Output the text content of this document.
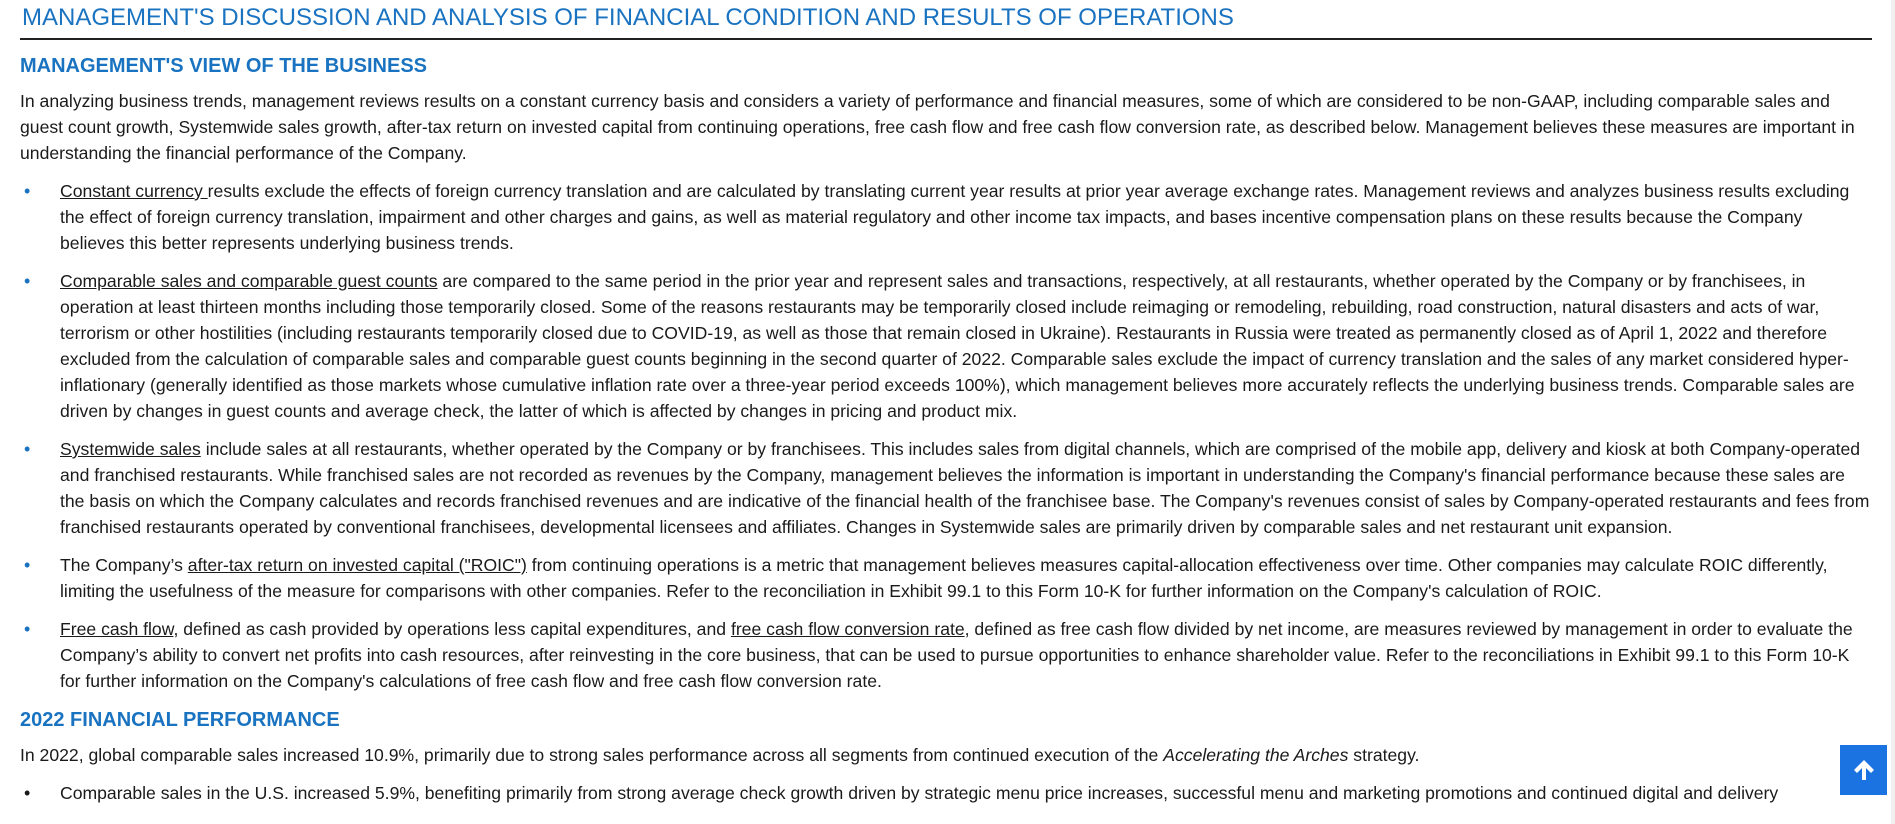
MANAGEMENT'S DISCUSSION AND ANALYSIS OF FINANCIAL CONDITION AND RESULTS OF OPERATIONS
MANAGEMENT'S VIEW OF THE BUSINESS

In analyzing business trends, management reviews results on a constant currency basis and considers a variety of performance and financial measures, some of which are considered to be non-GAAP, including comparable sales and guest count growth, Systemwide sales growth, after-tax return on invested capital from continuing operations, free cash flow and free cash flow conversion rate, as described below. Management believes these measures are important in understanding the financial performance of the Company.

• Constant currency results exclude the effects of foreign currency translation and are calculated by translating current year results at prior year average exchange rates. Management reviews and analyzes business results excluding the effect of foreign currency translation, impairment and other charges and gains, as well as material regulatory and other income tax impacts, and bases incentive compensation plans on these results because the Company believes this better represents underlying business trends.
• Comparable sales and comparable guest counts are compared to the same period in the prior year and represent sales and transactions, respectively, at all restaurants, whether operated by the Company or by franchisees, in operation at least thirteen months including those temporarily closed. Some of the reasons restaurants may be temporarily closed include reimaging or remodeling, rebuilding, road construction, natural disasters and acts of war, terrorism or other hostilities (including restaurants temporarily closed due to COVID-19, as well as those that remain closed in Ukraine). Restaurants in Russia were treated as permanently closed as of April 1, 2022 and therefore excluded from the calculation of comparable sales and comparable guest counts beginning in the second quarter of 2022. Comparable sales exclude the impact of currency translation and the sales of any market considered hyper-inflationary (generally identified as those markets whose cumulative inflation rate over a three-year period exceeds 100%), which management believes more accurately reflects the underlying business trends. Comparable sales are driven by changes in guest counts and average check, the latter of which is affected by changes in pricing and product mix.
• Systemwide sales include sales at all restaurants, whether operated by the Company or by franchisees. This includes sales from digital channels, which are comprised of the mobile app, delivery and kiosk at both Company-operated and franchised restaurants. While franchised sales are not recorded as revenues by the Company, management believes the information is important in understanding the Company's financial performance because these sales are the basis on which the Company calculates and records franchised revenues and are indicative of the financial health of the franchisee base. The Company's revenues consist of sales by Company-operated restaurants and fees from franchised restaurants operated by conventional franchisees, developmental licensees and affiliates. Changes in Systemwide sales are primarily driven by comparable sales and net restaurant unit expansion.
• The Company’s after-tax return on invested capital ("ROIC") from continuing operations is a metric that management believes measures capital-allocation effectiveness over time. Other companies may calculate ROIC differently, limiting the usefulness of the measure for comparisons with other companies. Refer to the reconciliation in Exhibit 99.1 to this Form 10-K for further information on the Company's calculation of ROIC.
• Free cash flow, defined as cash provided by operations less capital expenditures, and free cash flow conversion rate, defined as free cash flow divided by net income, are measures reviewed by management in order to evaluate the Company’s ability to convert net profits into cash resources, after reinvesting in the core business, that can be used to pursue opportunities to enhance shareholder value. Refer to the reconciliations in Exhibit 99.1 to this Form 10-K for further information on the Company's calculations of free cash flow and free cash flow conversion rate.
2022 FINANCIAL PERFORMANCE

In 2022, global comparable sales increased 10.9%, primarily due to strong sales performance across all segments from continued execution of the Accelerating the Arches strategy.

• Comparable sales in the U.S. increased 5.9%, benefiting primarily from strong average check growth driven by strategic menu price increases, successful menu and marketing promotions and continued digital and delivery
